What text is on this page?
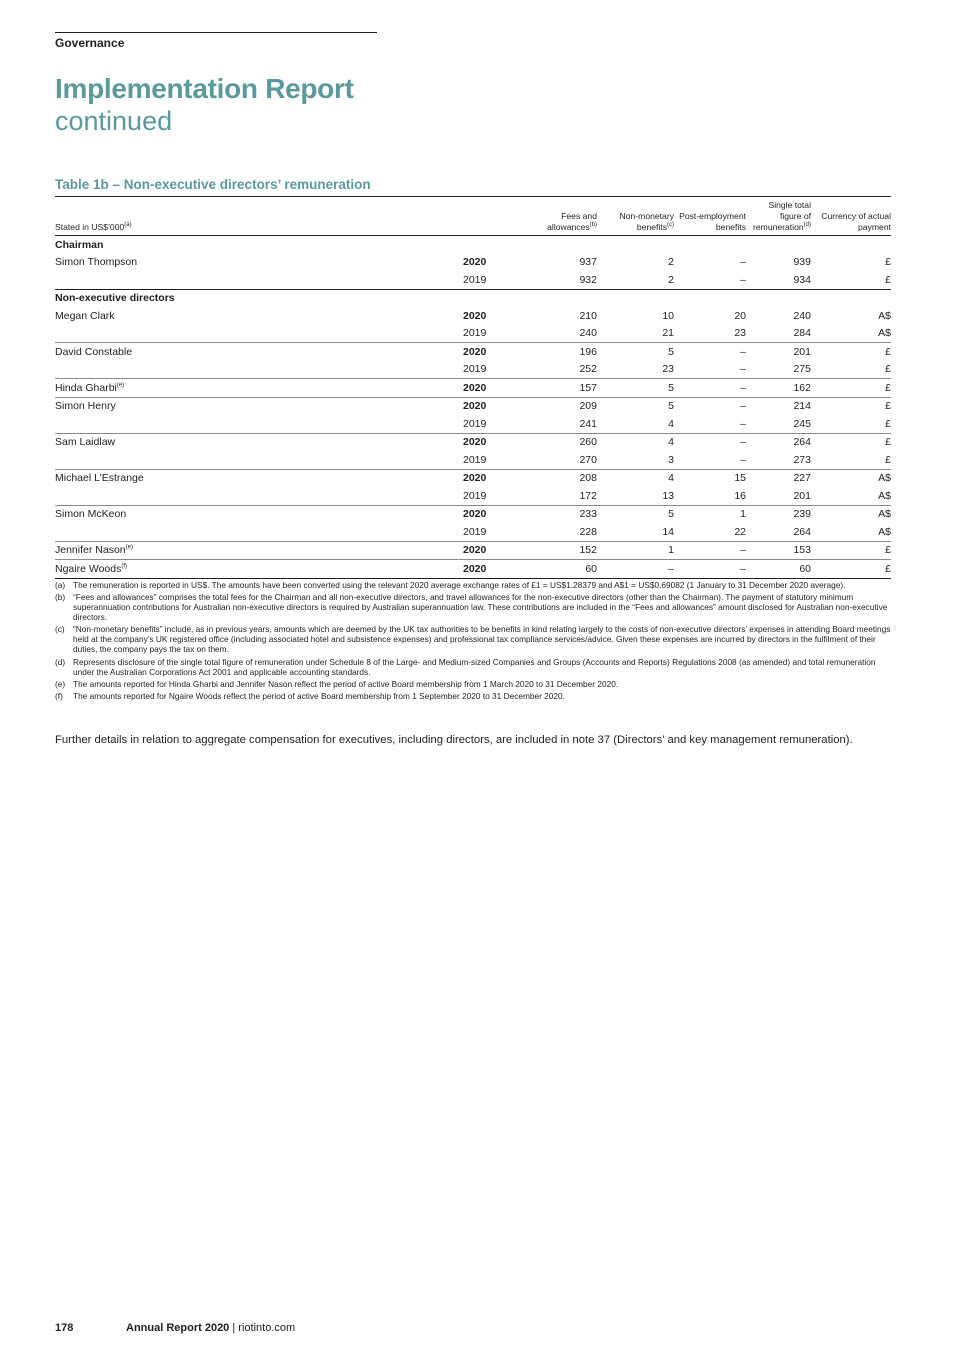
Governance
Implementation Report
continued
Table 1b – Non-executive directors’ remuneration
Stated in US$’000$^{(a)}$		Fees and allowances$^{(b)}$	Non-monetary benefits$^{(c)}$	Post-employment benefits	Single total figure of remuneration$^{(d)}$	Currency of actual payment
Chairman						
Simon Thompson	2020	937	2	–	939	£
	2019	932	2	–	934	£
Non-executive directors						
Megan Clark	2020	210	10	20	240	A$
	2019	240	21	23	284	A$
David Constable	2020	196	5	–	201	£
	2019	252	23	–	275	£
Hinda Gharbi$^{(e)}$	2020	157	5	–	162	£
Simon Henry	2020	209	5	–	214	£
	2019	241	4	–	245	£
Sam Laidlaw	2020	260	4	–	264	£
	2019	270	3	–	273	£
Michael L’Estrange	2020	208	4	15	227	A$
	2019	172	13	16	201	A$
Simon McKeon	2020	233	5	1	239	A$
	2019	228	14	22	264	A$
Jennifer Nason$^{(e)}$	2020	152	1	–	153	£
Ngaire Woods$^{(f)}$	2020	60	–	–	60	£
(a) The remuneration is reported in US$. The amounts have been converted using the relevant 2020 average exchange rates of £1 = US$1.28379 and A$1 = US$0.69082 (1 January to 31 December 2020 average).
(b) “Fees and allowances” comprises the total fees for the Chairman and all non-executive directors, and travel allowances for the non-executive directors (other than the Chairman). The payment of statutory minimum superannuation contributions for Australian non-executive directors is required by Australian superannuation law. These contributions are included in the “Fees and allowances” amount disclosed for Australian non-executive directors.
(c)	“Non-monetary benefits” include, as in previous years, amounts which are deemed by the UK tax authorities to be benefits in kind relating largely to the costs of non-executive directors’ expenses in attending Board meetings held at the company’s UK registered office (including associated hotel and subsistence expenses) and professional tax compliance services/advice. Given these expenses are incurred by directors in the fulfilment of their duties, the company pays the tax on them.
(d) Represents disclosure of the single total figure of remuneration under Schedule 8 of the Large- and Medium-sized Companies and Groups (Accounts and Reports) Regulations 2008 (as amended) and total remuneration under the Australian Corporations Act 2001 and applicable accounting standards.
(e) The amounts reported for Hinda Gharbi and Jennifer Nason reflect the period of active Board membership from 1 March 2020 to 31 December 2020.
(f)	The amounts reported for Ngaire Woods reflect the period of active Board membership from 1 September 2020 to 31 December 2020.
Further details in relation to aggregate compensation for executives, including directors, are included in note 37 (Directors’ and key management remuneration).
178	Annual Report 2020 | riotinto.com
